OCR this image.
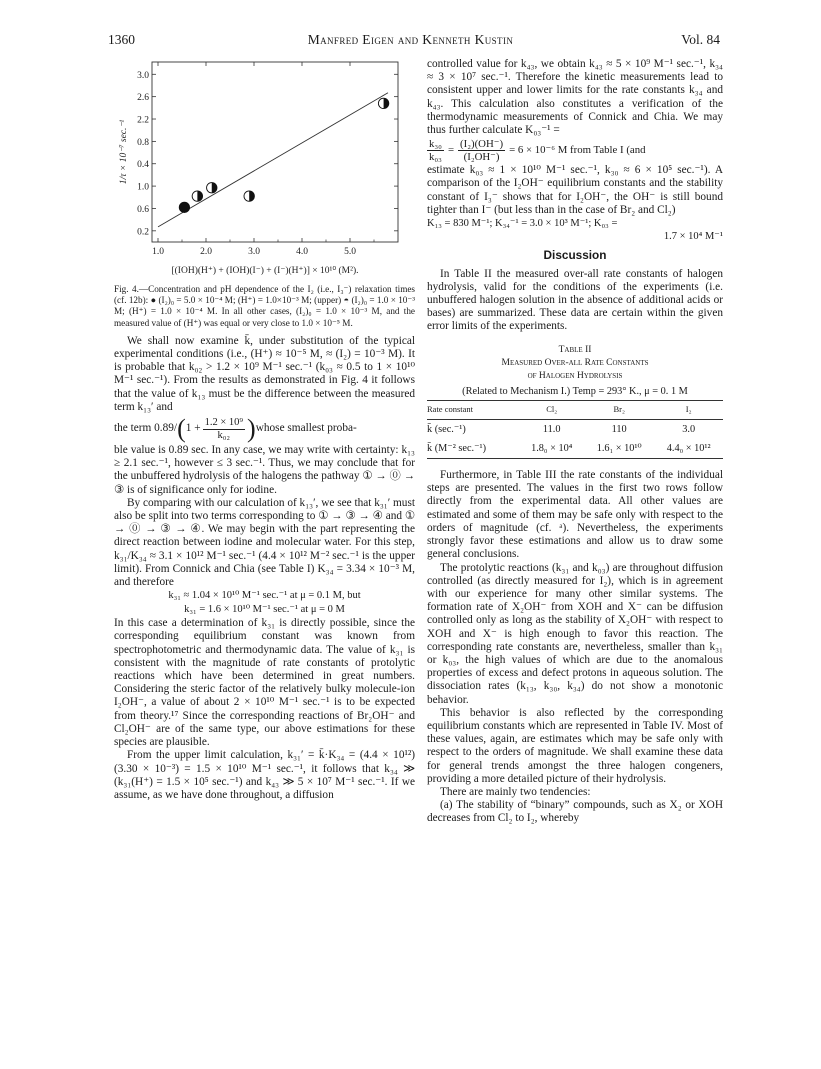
Manfred Eigen and Kenneth Kustin
1360	Vol. 84
1.0	2.0	3.0	4.0	5.0
3.0
2.6
2.2
0.8
0.4
1.0
0.6
0.2
1/τ × 10⁻⁷ sec.⁻¹
[(IOH)(H⁺) + (IOH)(I⁻) + (I⁻)(H⁺)] × 10¹⁰ (M²).

Fig. 4.—Concentration and pH dependence of the I₂ (i.e., I₃⁻) relaxation times (cf. 12b): ● (I₂)₀ = 5.0 × 10⁻⁴ M; (H⁺) = 1.0×10⁻³ M; (upper) ◓ (I₂)₀ = 1.0 × 10⁻³ M; (H⁺) = 1.0 × 10⁻⁴ M. In all other cases, (I₂)₀ = 1.0 × 10⁻³ M, and the measured value of (H⁺) was equal or very close to 1.0 × 10⁻⁵ M.

We shall now examine k̄, under substitution of the typical experimental conditions (i.e., (H⁺) ≈ 10⁻⁵ M, ≈ (I₂) = 10⁻³ M). It is probable that k₀₂ > 1.2 × 10⁹ M⁻¹ sec.⁻¹ (k₀₃ ≈ 0.5 to 1 × 10¹⁰ M⁻¹ sec.⁻¹). From the results as demonstrated in Fig. 4 it follows that the value of k₁₃ must be the difference between the measured term k₁₃′ and

the term 0.89/ ( $1 + \frac{\text{1.2 × 10⁹}}{\text{k₀₂}}$ ) whose smallest proba-

ble value is 0.89 sec. In any case, we may write with certainty: k₁₃ ≥ 2.1 sec.⁻¹, however ≤ 3 sec.⁻¹. Thus, we may conclude that for the unbuffered hydrolysis of the halogens the pathway ① → ⓪ → ③ is of significance only for iodine.

By comparing with our calculation of k₁₃′, we see that k₃₁′ must also be split into two terms corresponding to ① → ③ → ④ and ① → ⓪ → ③ → ④. We may begin with the part representing the direct reaction between iodine and molecular water. For this step, k₃₁/K₃₄ ≈ 3.1 × 10¹² M⁻¹ sec.⁻¹ (4.4 × 10¹² M⁻² sec.⁻¹ is the upper limit). From Connick and Chia (see Table I) K₃₄ = 3.34 × 10⁻³ M, and therefore

k₃₁ ≈ 1.04 × 10¹⁰ M⁻¹ sec.⁻¹ at μ = 0.1 M, but
k₃₁ = 1.6 × 10¹⁰ M⁻¹ sec.⁻¹ at μ = 0 M

In this case a determination of k₃₁ is directly possible, since the corresponding equilibrium constant was known from spectrophotometric and thermodynamic data. The value of k₃₁ is consistent with the magnitude of rate constants of protolytic reactions which have been determined in great numbers. Considering the steric factor of the relatively bulky molecule-ion I₂OH⁻, a value of about 2 × 10¹⁰ M⁻¹ sec.⁻¹ is to be expected from theory.¹⁷ Since the corresponding reactions of Br₂OH⁻ and Cl₂OH⁻ are of the same type, our above estimations for these species are plausible.

From the upper limit calculation, k₃₁′ = k̄·K₃₄ = (4.4 × 10¹²) (3.30 × 10⁻³) = 1.5 × 10¹⁰ M⁻¹ sec.⁻¹, it follows that k₃₄ ≫ (k₃₁(H⁺) = 1.5 × 10⁵ sec.⁻¹) and k₄₃ ≫ 5 × 10⁷ M⁻¹ sec.⁻¹. If we assume, as we have done throughout, a diffusion

controlled value for k₄₃, we obtain k₄₃ ≈ 5 × 10⁹ M⁻¹ sec.⁻¹, k₃₄ ≈ 3 × 10⁷ sec.⁻¹. Therefore the kinetic measurements lead to consistent upper and lower limits for the rate constants k₃₄ and k₄₃. This calculation also constitutes a verification of the thermodynamic measurements of Connick and Chia. We may thus further calculate K₀₃⁻¹ =

$\frac{\text{k₃₀}}{\text{k₀₃}} = \frac{\text{(I₂)(OH⁻)}}{\text{(I₂OH⁻)}} = 6 \times 10^{-6}$ M from Table I (and

estimate k₀₃ ≈ 1 × 10¹⁰ M⁻¹ sec.⁻¹, k₃₀ ≈ 6 × 10⁵ sec.⁻¹). A comparison of the I₂OH⁻ equilibrium constants and the stability constant of I₃⁻ shows that for I₂OH⁻, the OH⁻ is still bound tighter than I⁻ (but less than in the case of Br₂ and Cl₂)

K₁₃ = 830 M⁻¹; K₃₄⁻¹ = 3.0 × 10³ M⁻¹; K₀₃ =
1.7 × 10⁴ M⁻¹
Discussion

In Table II the measured over-all rate constants of halogen hydrolysis, valid for the conditions of the experiments (i.e. unbuffered halogen solution in the absence of additional acids or bases) are summarized. These data are certain within the given error limits of the experiments.

Table II
Measured Over-all Rate Constants
of Halogen Hydrolysis
(Related to Mechanism I.) Temp = 293° K., μ = 0. 1 M
Rate constant	Cl₂	Br₂	I₂
k̄ (sec.⁻¹)	11.0	110	3.0
k̄ (M⁻² sec.⁻¹)	1.8₀ × 10⁴	1.6₁ × 10¹⁰	4.4₀ × 10¹²

Furthermore, in Table III the rate constants of the individual steps are presented. The values in the first two rows follow directly from the experimental data. All other values are estimated and some of them may be safe only with respect to the orders of magnitude (cf. ᵃ). Nevertheless, the experiments strongly favor these estimations and allow us to draw some general conclusions.

The protolytic reactions (k₃₁ and k₀₃) are throughout diffusion controlled (as directly measured for I₂), which is in agreement with our experience for many other similar systems. The formation rate of X₂OH⁻ from XOH and X⁻ can be diffusion controlled only as long as the stability of X₂OH⁻ with respect to XOH and X⁻ is high enough to favor this reaction. The corresponding rate constants are, nevertheless, smaller than k₃₁ or k₀₃, the high values of which are due to the anomalous properties of excess and defect protons in aqueous solution. The dissociation rates (k₁₃, k₃₀, k₃₄) do not show a monotonic behavior.

This behavior is also reflected by the corresponding equilibrium constants which are represented in Table IV. Most of these values, again, are estimates which may be safe only with respect to the orders of magnitude. We shall examine these data for general trends amongst the three halogen congeners, providing a more detailed picture of their hydrolysis.

There are mainly two tendencies:

(a) The stability of “binary” compounds, such as X₂ or XOH decreases from Cl₂ to I₂, whereby
